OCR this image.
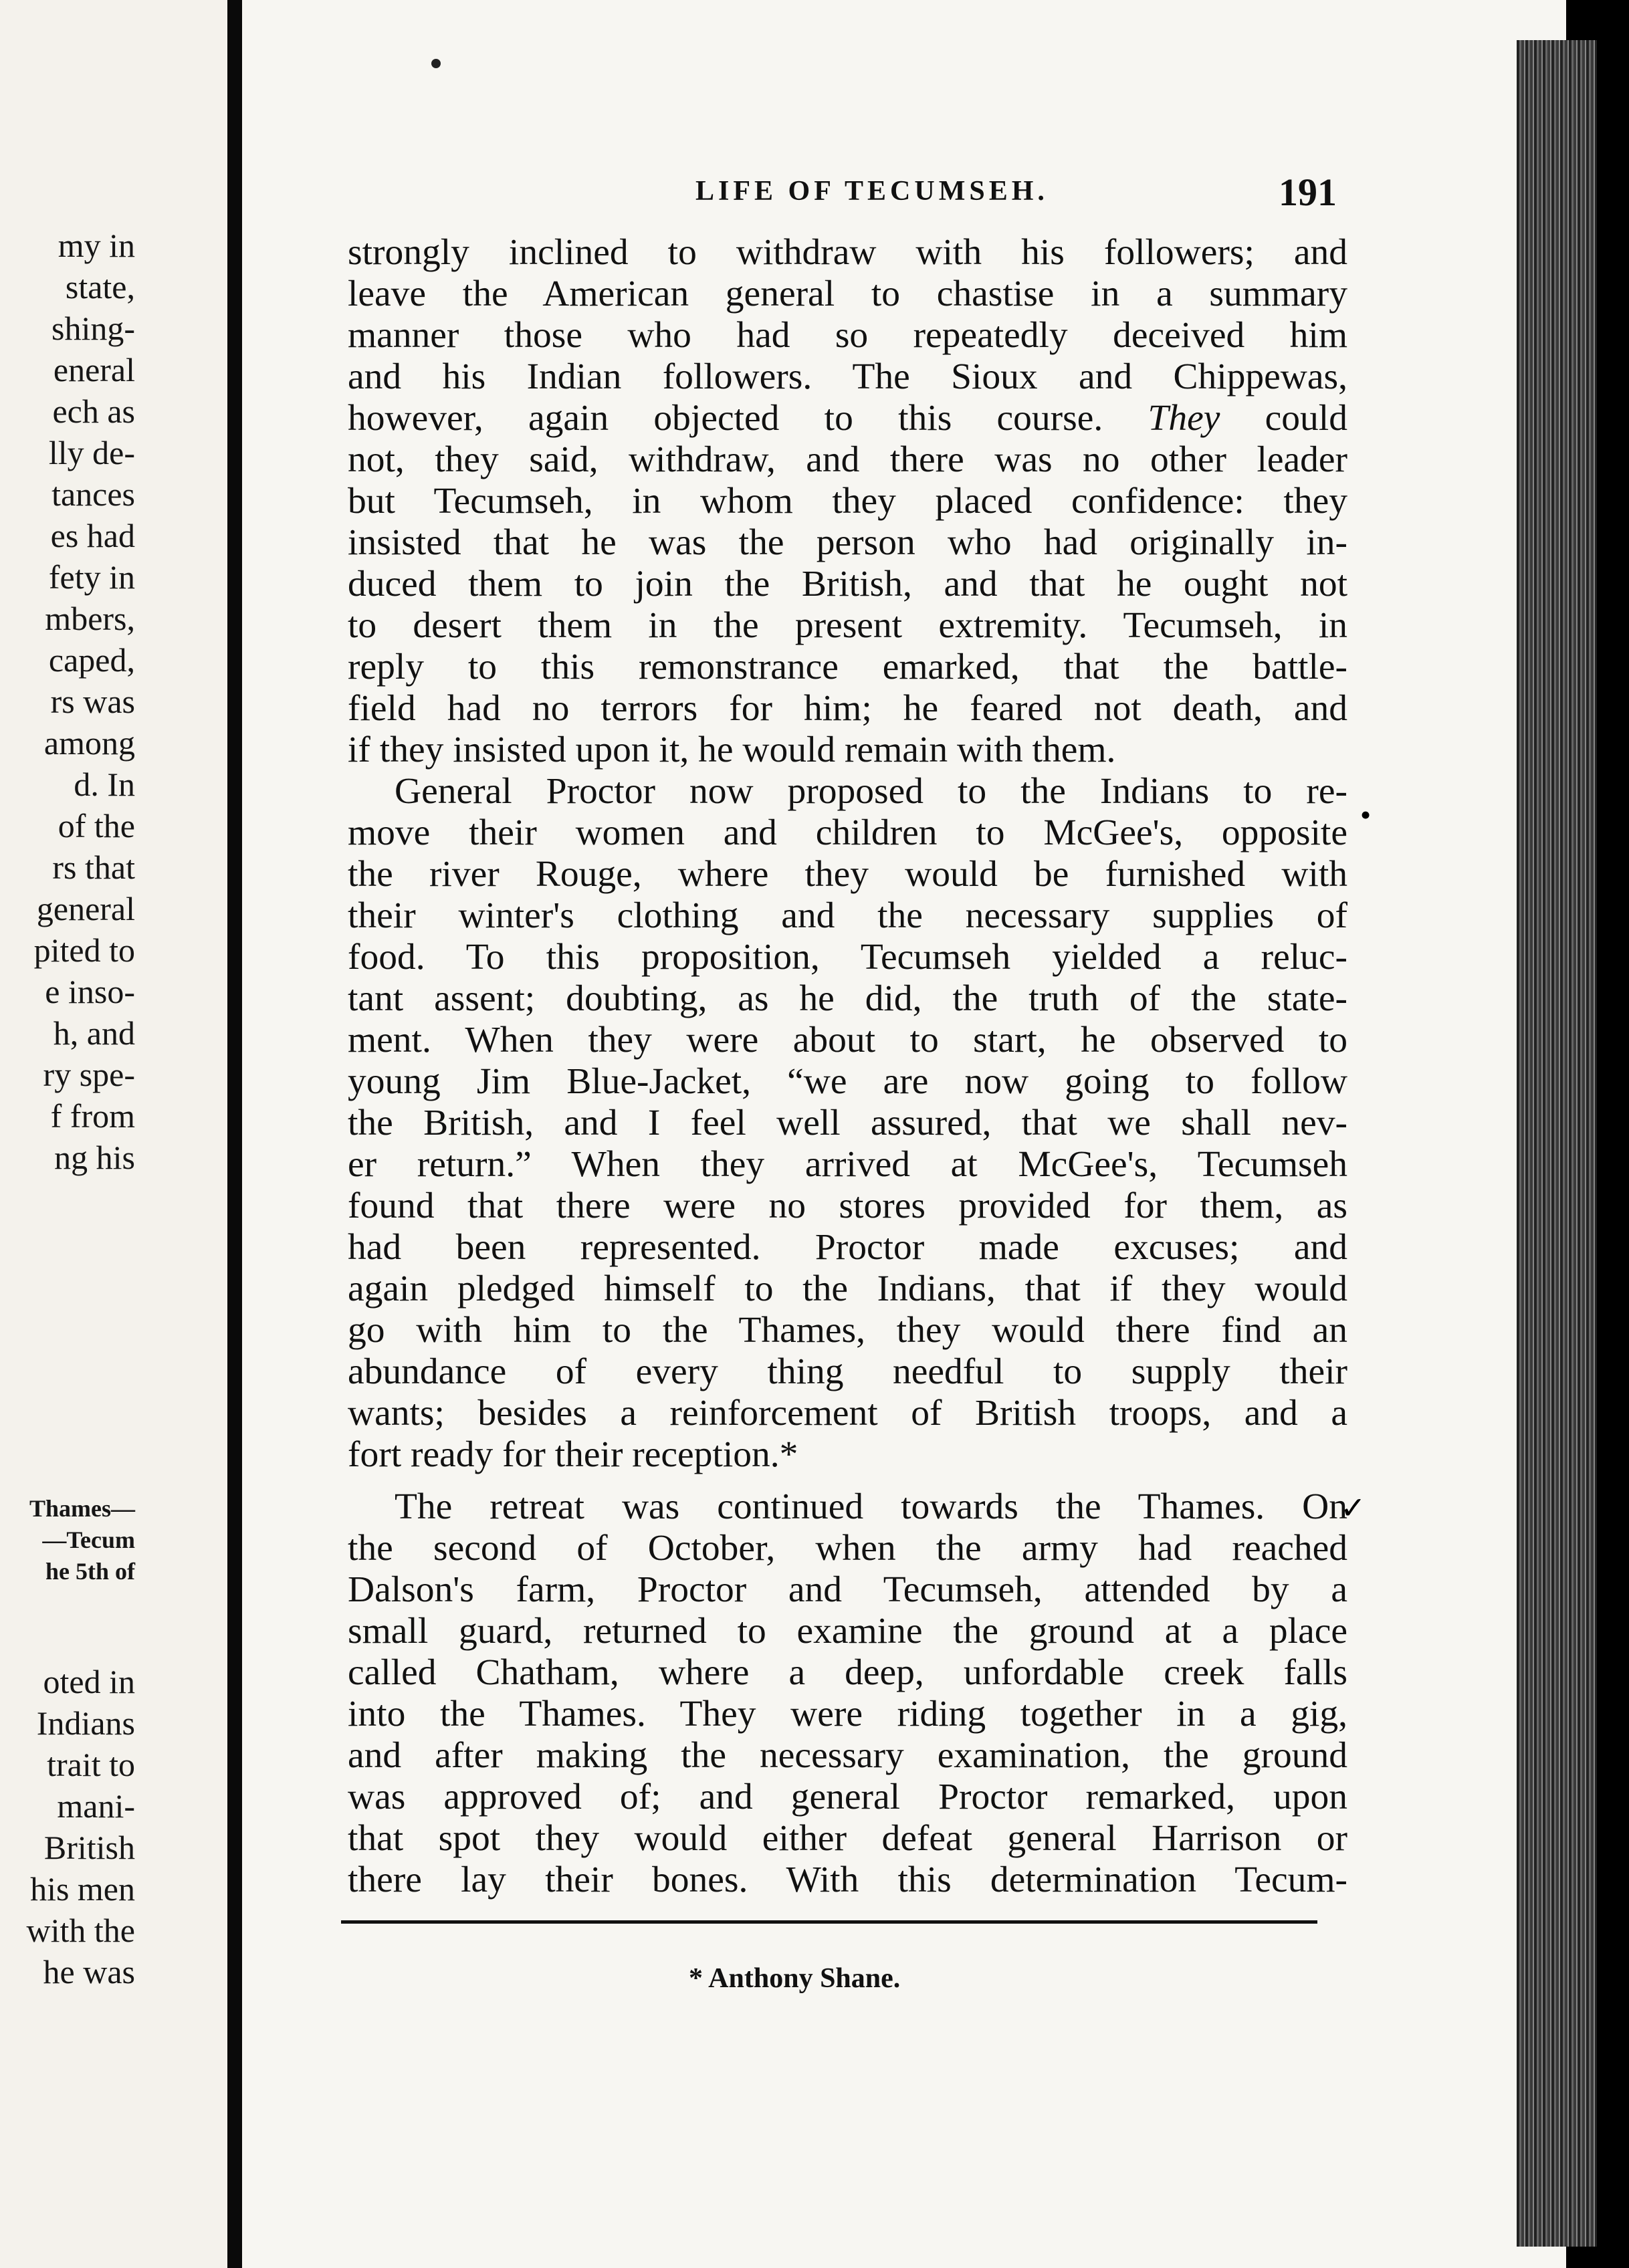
my in
state,
shing-
eneral
ech as
lly de-
tances
es had
fety in
mbers,
caped,
rs was
among
d. In
of the
rs that
general
pited to
e inso-
h, and
ry spe-
f from
ng his
Thames—
—Tecum
he 5th of
oted in
Indians
trait to
mani-
British
his men
with the
he was
LIFE OF TECUMSEH.	191
strongly inclined to withdraw with his followers; and
leave the American general to chastise in a summary
manner those who had so repeatedly deceived him
and his Indian followers. The Sioux and Chippewas,
however, again objected to this course. They could
not, they said, withdraw, and there was no other leader
but Tecumseh, in whom they placed confidence: they
insisted that he was the person who had originally in-
duced them to join the British, and that he ought not
to desert them in the present extremity. Tecumseh, in
reply to this remonstrance emarked, that the battle-
field had no terrors for him; he feared not death, and
if they insisted upon it, he would remain with them.
General Proctor now proposed to the Indians to re-
move their women and children to McGee's, opposite
the river Rouge, where they would be furnished with
their winter's clothing and the necessary supplies of
food. To this proposition, Tecumseh yielded a reluc-
tant assent; doubting, as he did, the truth of the state-
ment. When they were about to start, he observed to
young Jim Blue-Jacket, “we are now going to follow
the British, and I feel well assured, that we shall nev-
er return.” When they arrived at McGee's, Tecumseh
found that there were no stores provided for them, as
had been represented. Proctor made excuses; and
again pledged himself to the Indians, that if they would
go with him to the Thames, they would there find an
abundance of every thing needful to supply their
wants; besides a reinforcement of British troops, and a
fort ready for their reception.*
The retreat was continued towards the Thames. On
the second of October, when the army had reached
Dalson's farm, Proctor and Tecumseh, attended by a
small guard, returned to examine the ground at a place
called Chatham, where a deep, unfordable creek falls
into the Thames. They were riding together in a gig,
and after making the necessary examination, the ground
was approved of; and general Proctor remarked, upon
that spot they would either defeat general Harrison or
there lay their bones. With this determination Tecum-
•
✓
* Anthony Shane.
